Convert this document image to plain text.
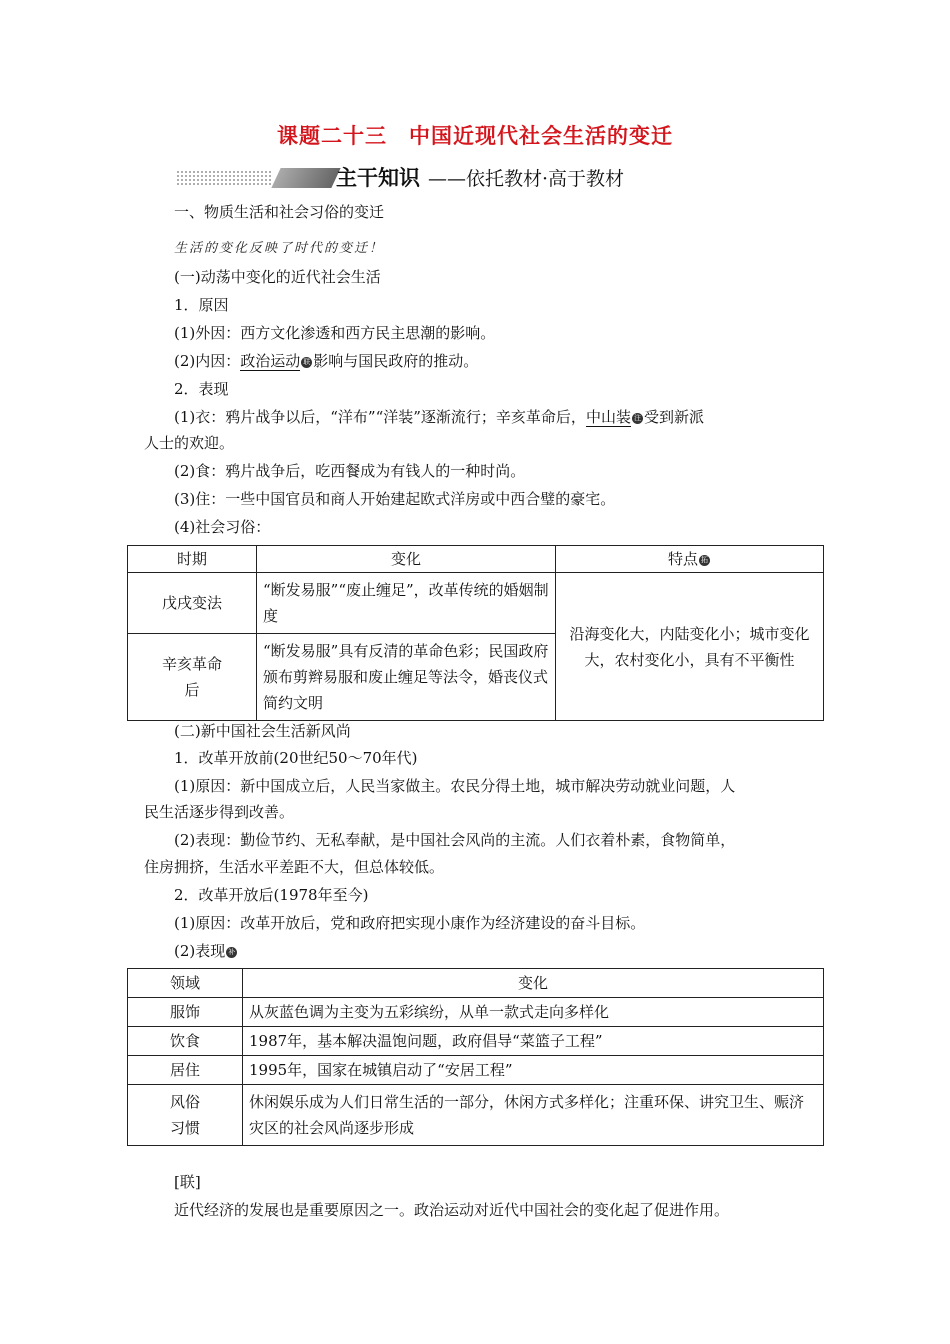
课题二十三　中国近现代社会生活的变迁
主干知识 ——依托教材·高于教材
一、物质生活和社会习俗的变迁
生活的变化反映了时代的变迁！
(一)动荡中变化的近代社会生活
1．原因
(1)外因：西方文化渗透和西方民主思潮的影响。
(2)内因：政治运动 联 影响与国民政府的推动。
2．表现
(1)衣：鸦片战争以后，“洋布”“洋装”逐渐流行；辛亥革命后，中山装 注 受到新派
人士的欢迎。
(2)食：鸦片战争后，吃西餐成为有钱人的一种时尚。
(3)住：一些中国官员和商人开始建起欧式洋房或中西合璧的豪宅。
(4)社会习俗：
时期	变化	特点 拓
戊戌变法	“断发易服”“废止缠足”，改革传统的婚姻制度	沿海变化大，内陆变化小；城市变化大，农村变化小，具有不平衡性
辛亥革命后	“断发易服”具有反清的革命色彩；民国政府颁布剪辫易服和废止缠足等法令，婚丧仪式简约文明	
(二)新中国社会生活新风尚
1．改革开放前(20世纪50～70年代)
(1)原因：新中国成立后，人民当家做主。农民分得土地，城市解决劳动就业问题，人
民生活逐步得到改善。
(2)表现：勤俭节约、无私奉献，是中国社会风尚的主流。人们衣着朴素，食物简单，
住房拥挤，生活水平差距不大，但总体较低。
2．改革开放后(1978年至今)
(1)原因：改革开放后，党和政府把实现小康作为经济建设的奋斗目标。
(2)表现 补
领域	变化
服饰	从灰蓝色调为主变为五彩缤纷，从单一款式走向多样化
饮食	1987年，基本解决温饱问题，政府倡导“菜篮子工程”
居住	1995年，国家在城镇启动了“安居工程”
风俗习惯	休闲娱乐成为人们日常生活的一部分，休闲方式多样化；注重环保、讲究卫生、赈济灾区的社会风尚逐步形成
[联]
近代经济的发展也是重要原因之一。政治运动对近代中国社会的变化起了促进作用。
